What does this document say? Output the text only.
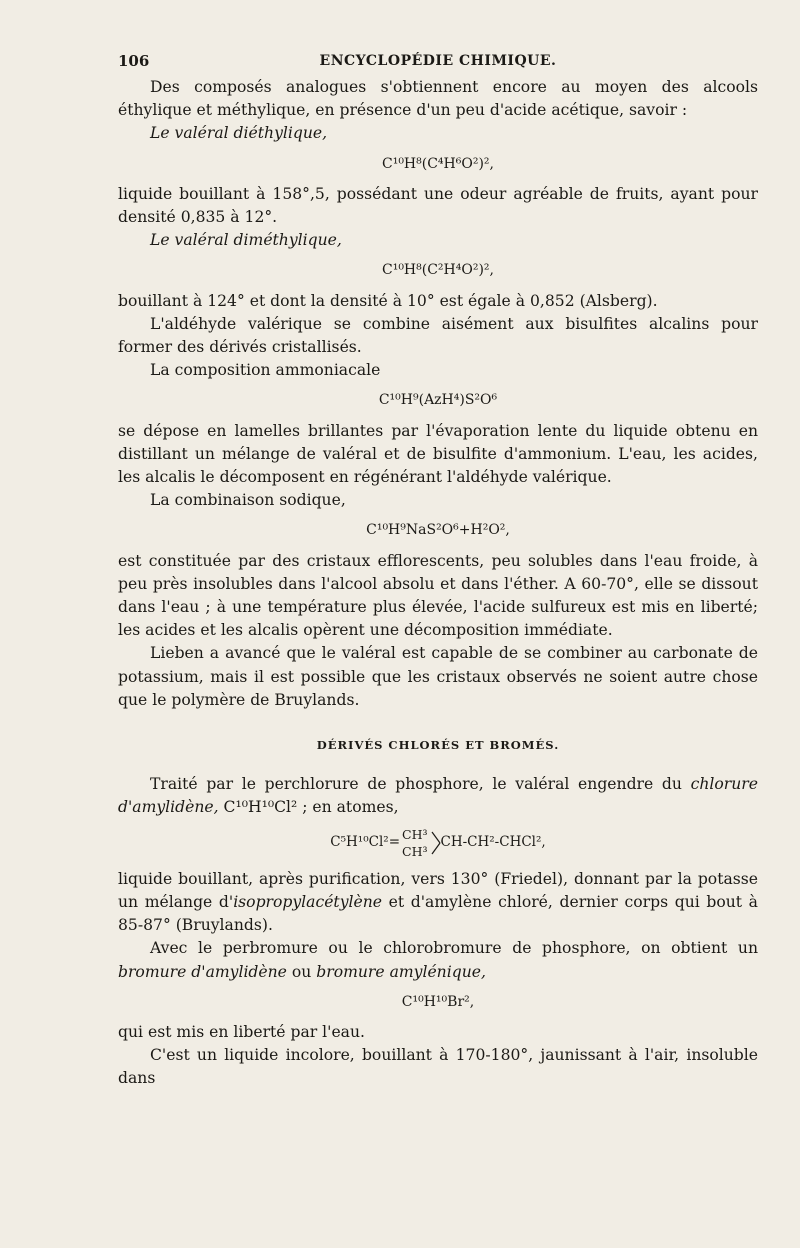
106	ENCYCLOPÉDIE CHIMIQUE.

Des composés analogues s'obtiennent encore au moyen des alcools éthylique et méthylique, en présence d'un peu d'acide acétique, savoir :

Le valéral diéthylique,

C¹⁰H⁸(C⁴H⁶O²)²,

liquide bouillant à 158°,5, possédant une odeur agréable de fruits, ayant pour densité 0,835 à 12°.

Le valéral diméthylique,

C¹⁰H⁸(C²H⁴O²)²,

bouillant à 124° et dont la densité à 10° est égale à 0,852 (Alsberg).

L'aldéhyde valérique se combine aisément aux bisulfites alcalins pour former des dérivés cristallisés.

La composition ammoniacale

C¹⁰H⁹(AzH⁴)S²O⁶

se dépose en lamelles brillantes par l'évaporation lente du liquide obtenu en distillant un mélange de valéral et de bisulfite d'ammonium. L'eau, les acides, les alcalis le décomposent en régénérant l'aldéhyde valérique.

La combinaison sodique,

C¹⁰H⁹NaS²O⁶+H²O²,

est constituée par des cristaux efflorescents, peu solubles dans l'eau froide, à peu près insolubles dans l'alcool absolu et dans l'éther. A 60-70°, elle se dissout dans l'eau ; à une température plus élevée, l'acide sulfureux est mis en liberté; les acides et les alcalis opèrent une décomposition immédiate.

Lieben a avancé que le valéral est capable de se combiner au carbonate de potassium, mais il est possible que les cristaux observés ne soient autre chose que le polymère de Bruylands.

DÉRIVÉS CHLORÉS ET BROMÉS.

Traité par le perchlorure de phosphore, le valéral engendre du chlorure d'amylidène, C¹⁰H¹⁰Cl² ; en atomes,

C⁵H¹⁰Cl²= CH³
CH³
CH-CH²-CHCl²,

liquide bouillant, après purification, vers 130° (Friedel), donnant par la potasse un mélange d'isopropylacétylène et d'amylène chloré, dernier corps qui bout à 85-87° (Bruylands).

Avec le perbromure ou le chlorobromure de phosphore, on obtient un bromure d'amylidène ou bromure amylénique,

C¹⁰H¹⁰Br²,

qui est mis en liberté par l'eau.

C'est un liquide incolore, bouillant à 170-180°, jaunissant à l'air, insoluble dans
